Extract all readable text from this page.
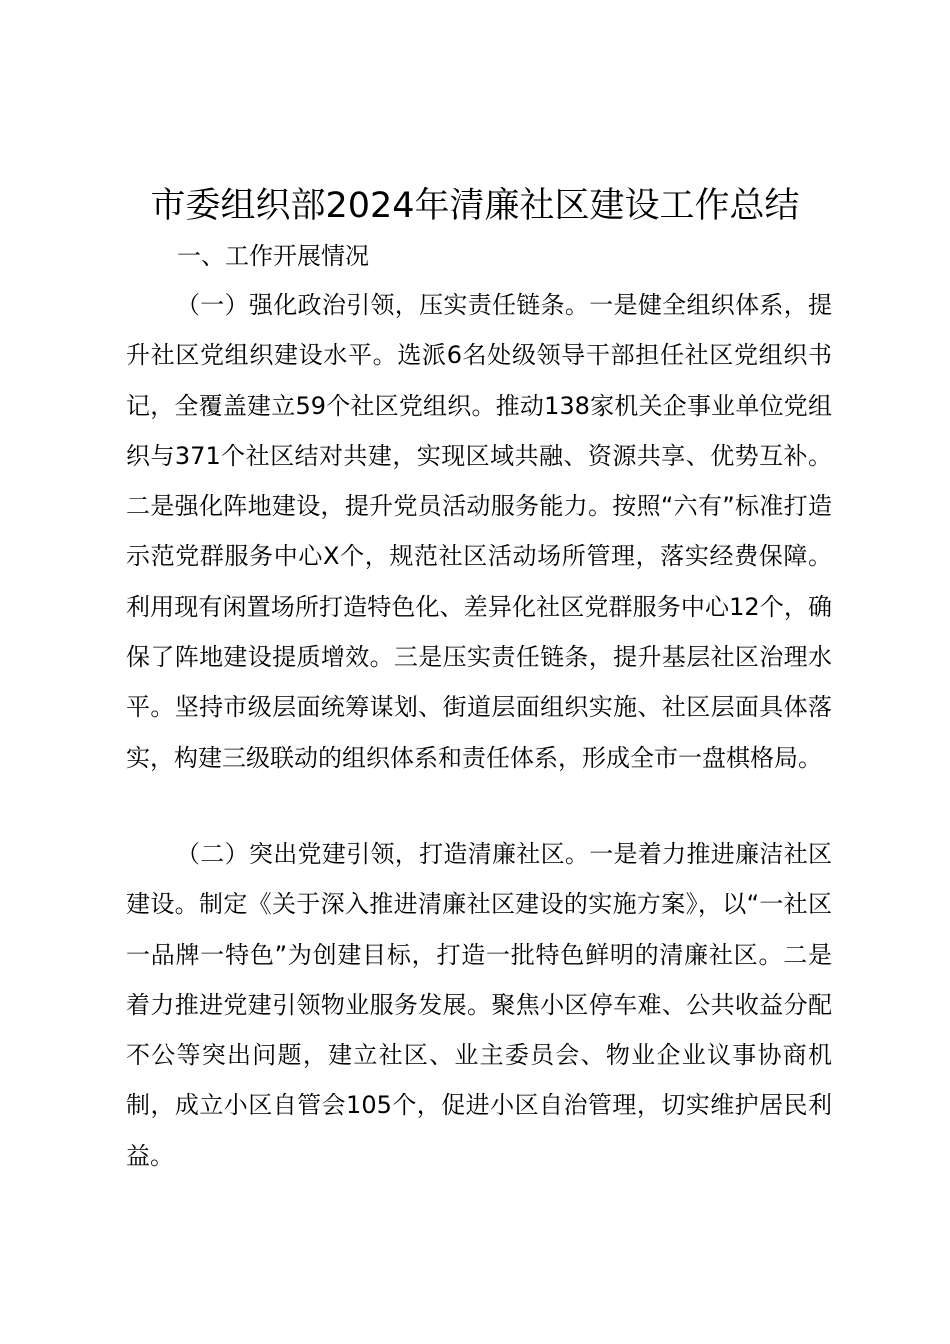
市委组织部2024年清廉社区建设工作总结
一、工作开展情况

（一）强化政治引领，压实责任链条。一是健全组织体系，提升社区党组织建设水平。选派6名处级领导干部担任社区党组织书记，全覆盖建立59个社区党组织。推动138家机关企事业单位党组织与371个社区结对共建，实现区域共融、资源共享、优势互补。二是强化阵地建设，提升党员活动服务能力。按照“六有”标准打造示范党群服务中心X个，规范社区活动场所管理，落实经费保障。利用现有闲置场所打造特色化、差异化社区党群服务中心12个，确保了阵地建设提质增效。三是压实责任链条，提升基层社区治理水平。坚持市级层面统筹谋划、街道层面组织实施、社区层面具体落实，构建三级联动的组织体系和责任体系，形成全市一盘棋格局。

（二）突出党建引领，打造清廉社区。一是着力推进廉洁社区建设。制定《关于深入推进清廉社区建设的实施方案》，以“一社区一品牌一特色”为创建目标，打造一批特色鲜明的清廉社区。二是着力推进党建引领物业服务发展。聚焦小区停车难、公共收益分配不公等突出问题，建立社区、业主委员会、物业企业议事协商机制，成立小区自管会105个，促进小区自治管理，切实维护居民利益。
